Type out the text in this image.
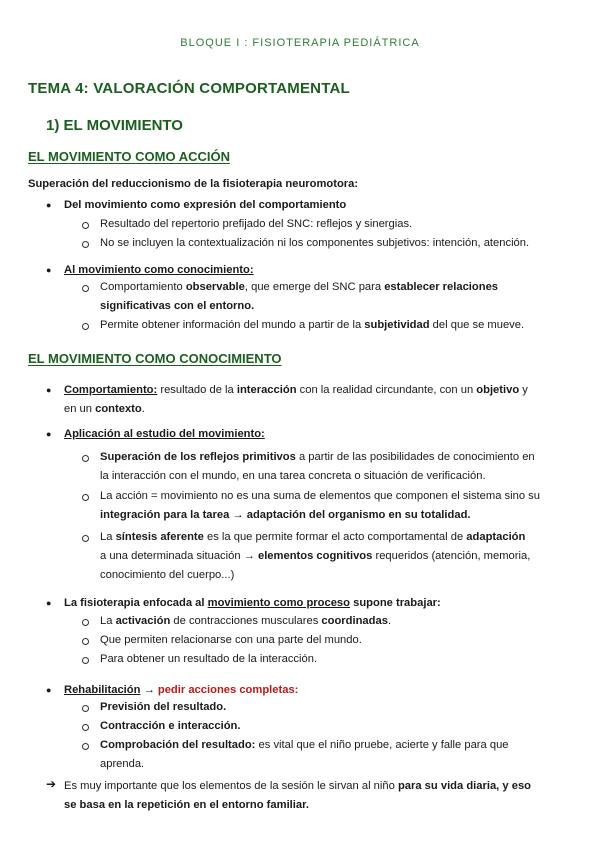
BLOQUE I : FISIOTERAPIA PEDIÁTRICA
TEMA 4: VALORACIÓN COMPORTAMENTAL
1) EL MOVIMIENTO
EL MOVIMIENTO COMO ACCIÓN
Superación del reduccionismo de la fisioterapia neuromotora:
● Del movimiento como expresión del comportamiento
Resultado del repertorio prefijado del SNC: reflejos y sinergias.
No se incluyen la contextualización ni los componentes subjetivos: intención, atención.
● Al movimiento como conocimiento:
Comportamiento observable, que emerge del SNC para establecer relaciones
significativas con el entorno.
Permite obtener información del mundo a partir de la subjetividad del que se mueve.
EL MOVIMIENTO COMO CONOCIMIENTO
● Comportamiento: resultado de la interacción con la realidad circundante, con un objetivo y
en un contexto.
● Aplicación al estudio del movimiento:
Superación de los reflejos primitivos a partir de las posibilidades de conocimiento en
la interacción con el mundo, en una tarea concreta o situación de verificación.
La acción = movimiento no es una suma de elementos que componen el sistema sino su
integración para la tarea → adaptación del organismo en su totalidad.
La síntesis aferente es la que permite formar el acto comportamental de adaptación
a una determinada situación → elementos cognitivos requeridos (atención, memoria,
conocimiento del cuerpo...)
● La fisioterapia enfocada al movimiento como proceso supone trabajar:
La activación de contracciones musculares coordinadas.
Que permiten relacionarse con una parte del mundo.
Para obtener un resultado de la interacción.
● Rehabilitación → pedir acciones completas:
Previsión del resultado.
Contracción e interacción.
Comprobación del resultado: es vital que el niño pruebe, acierte y falle para que
aprenda.
➔ Es muy importante que los elementos de la sesión le sirvan al niño para su vida diaria, y eso
se basa en la repetición en el entorno familiar.
